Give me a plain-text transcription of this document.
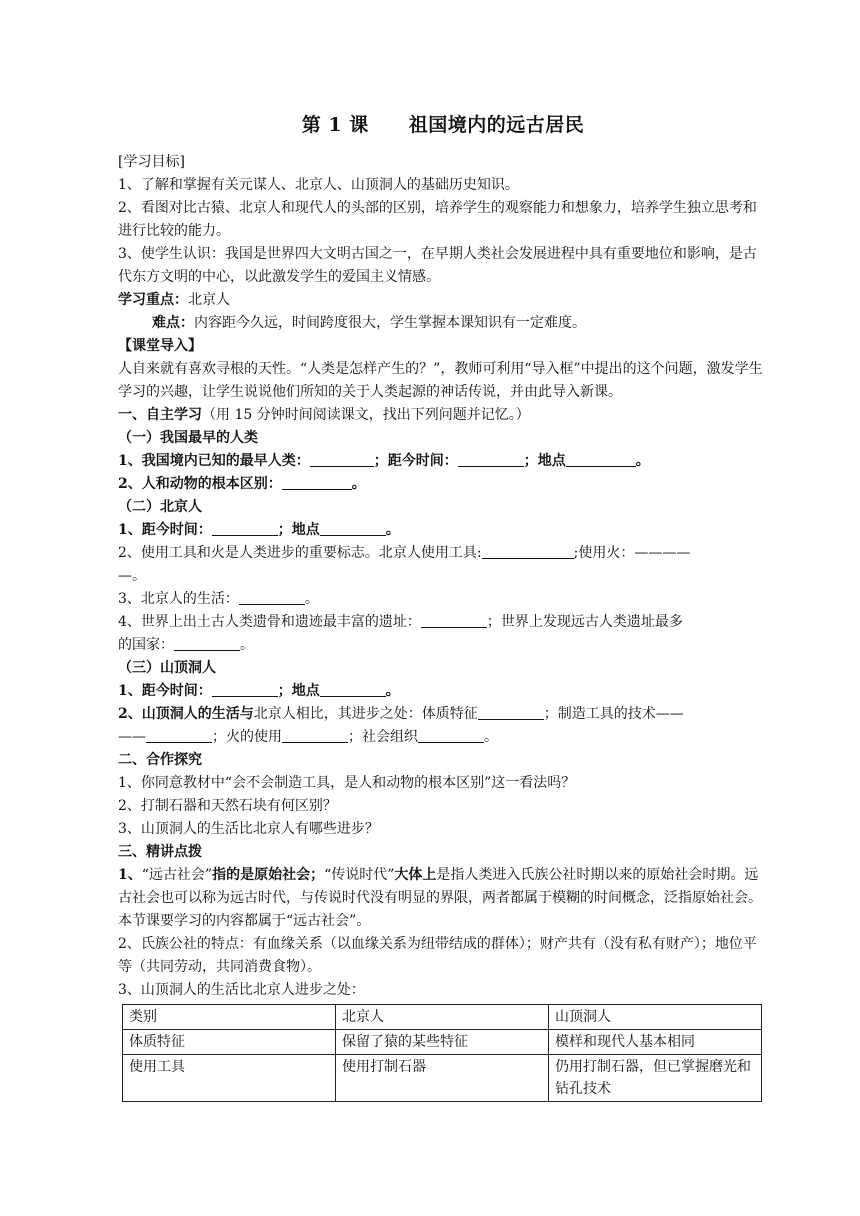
第 1 课 祖国境内的远古居民

[学习目标]

1、了解和掌握有关元谋人、北京人、山顶洞人的基础历史知识。

2、看图对比古猿、北京人和现代人的头部的区别，培养学生的观察能力和想象力，培养学生独立思考和进行比较的能力。

3、使学生认识：我国是世界四大文明古国之一，在早期人类社会发展进程中具有重要地位和影响，是古代东方文明的中心，以此激发学生的爱国主义情感。

学习重点：北京人

难点：内容距今久远，时间跨度很大，学生掌握本课知识有一定难度。

【课堂导入】

人自来就有喜欢寻根的天性。“人类是怎样产生的？”，教师可利用“导入框”中提出的这个问题，激发学生学习的兴趣，让学生说说他们所知的关于人类起源的神话传说，并由此导入新课。

一、自主学习（用 15 分钟时间阅读课文，找出下列问题并记忆。）

（一）我国最早的人类

1、我国境内已知的最早人类：	；距今时间：	；地点	。

2、人和动物的根本区别：	。

（二）北京人

1、距今时间：	；地点	。

2、使用工具和火是人类进步的重要标志。北京人使用工具:	;使用火：————

—。

3、北京人的生活：	。

4、世界上出土古人类遗骨和遗迹最丰富的遗址：	；世界上发现远古人类遗址最多

的国家：	。

（三）山顶洞人

1、距今时间：	；地点	。

2、山顶洞人的生活与北京人相比，其进步之处：体质特征	；制造工具的技术——

——	；火的使用	；社会组织	。

二、合作探究

1、你同意教材中“会不会制造工具，是人和动物的根本区别”这一看法吗？

2、打制石器和天然石块有何区别？

3、山顶洞人的生活比北京人有哪些进步？

三、精讲点拨

1、“远古社会”指的是原始社会；“传说时代”大体上是指人类进入氏族公社时期以来的原始社会时期。远古社会也可以称为远古时代，与传说时代没有明显的界限，两者都属于模糊的时间概念，泛指原始社会。本节课要学习的内容都属于“远古社会”。

2、氏族公社的特点：有血缘关系（以血缘关系为纽带结成的群体）；财产共有（没有私有财产）；地位平等（共同劳动，共同消费食物）。

3、山顶洞人的生活比北京人进步之处：

类别	北京人	山顶洞人
体质特征	保留了猿的某些特征	模样和现代人基本相同
使用工具	使用打制石器	仍用打制石器，但已掌握磨光和钻孔技术
